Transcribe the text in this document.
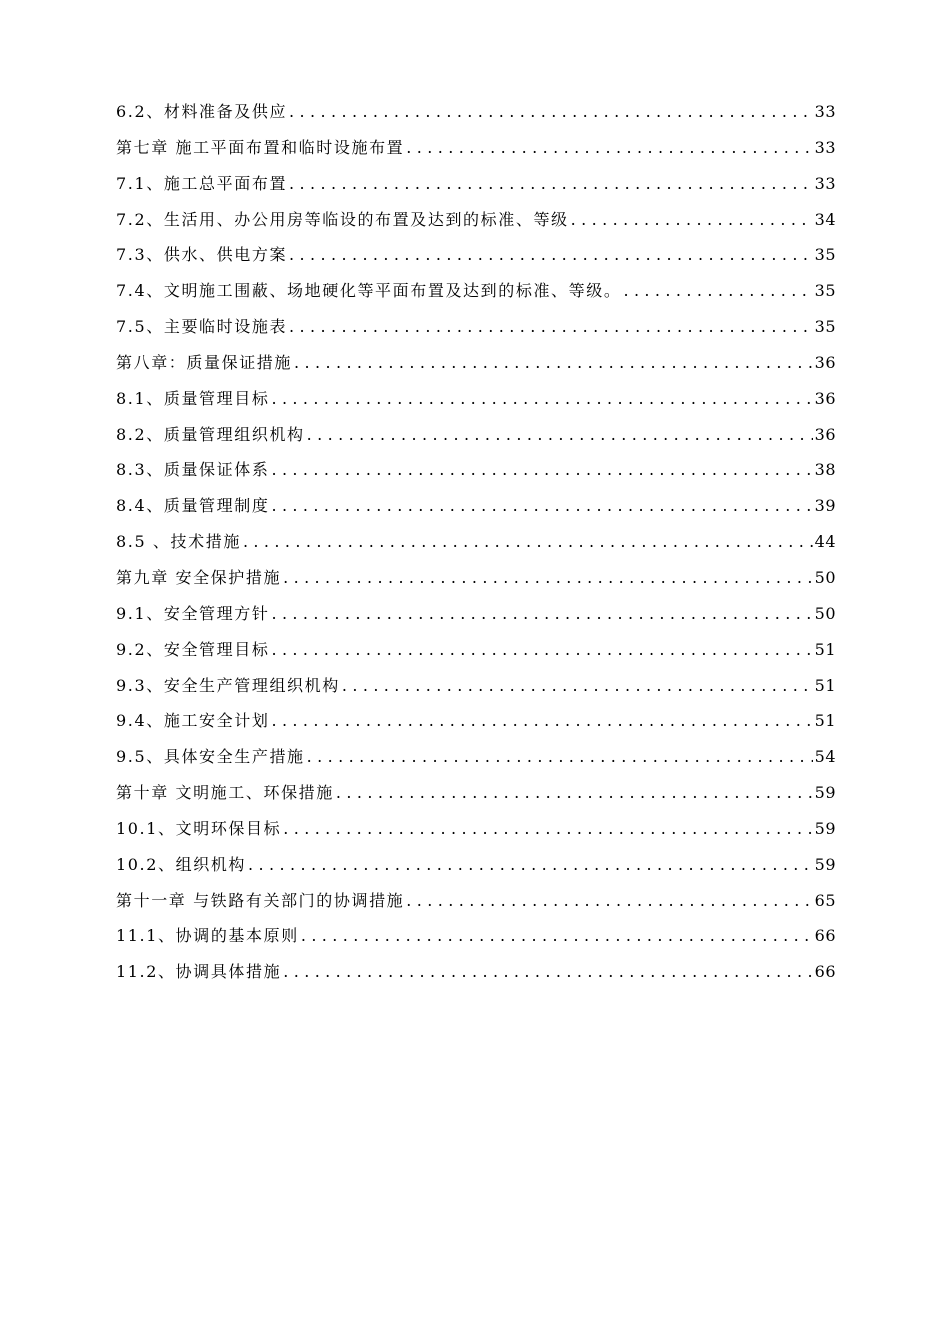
6.2、材料准备及供应 .....	33
第七章 施工平面布置和临时设施布置 .....	33
7.1、施工总平面布置 .....	33
7.2、生活用、办公用房等临设的布置及达到的标准、等级 .....	34
7.3、供水、供电方案 .....	35
7.4、文明施工围蔽、场地硬化等平面布置及达到的标准、等级。 .....	35
7.5、主要临时设施表 .....	35
第八章：质量保证措施 .....	36
8.1、质量管理目标 .....	36
8.2、质量管理组织机构 .....	36
8.3、质量保证体系 .....	38
8.4、质量管理制度 .....	39
8.5 、技术措施 .....	44
第九章 安全保护措施 .....	50
9.1、安全管理方针 .....	50
9.2、安全管理目标 .....	51
9.3、安全生产管理组织机构 .....	51
9.4、施工安全计划 .....	51
9.5、具体安全生产措施 .....	54
第十章 文明施工、环保措施 .....	59
10.1、文明环保目标 .....	59
10.2、组织机构 .....	59
第十一章 与铁路有关部门的协调措施 .....	65
11.1、协调的基本原则 .....	66
11.2、协调具体措施 .....	66
